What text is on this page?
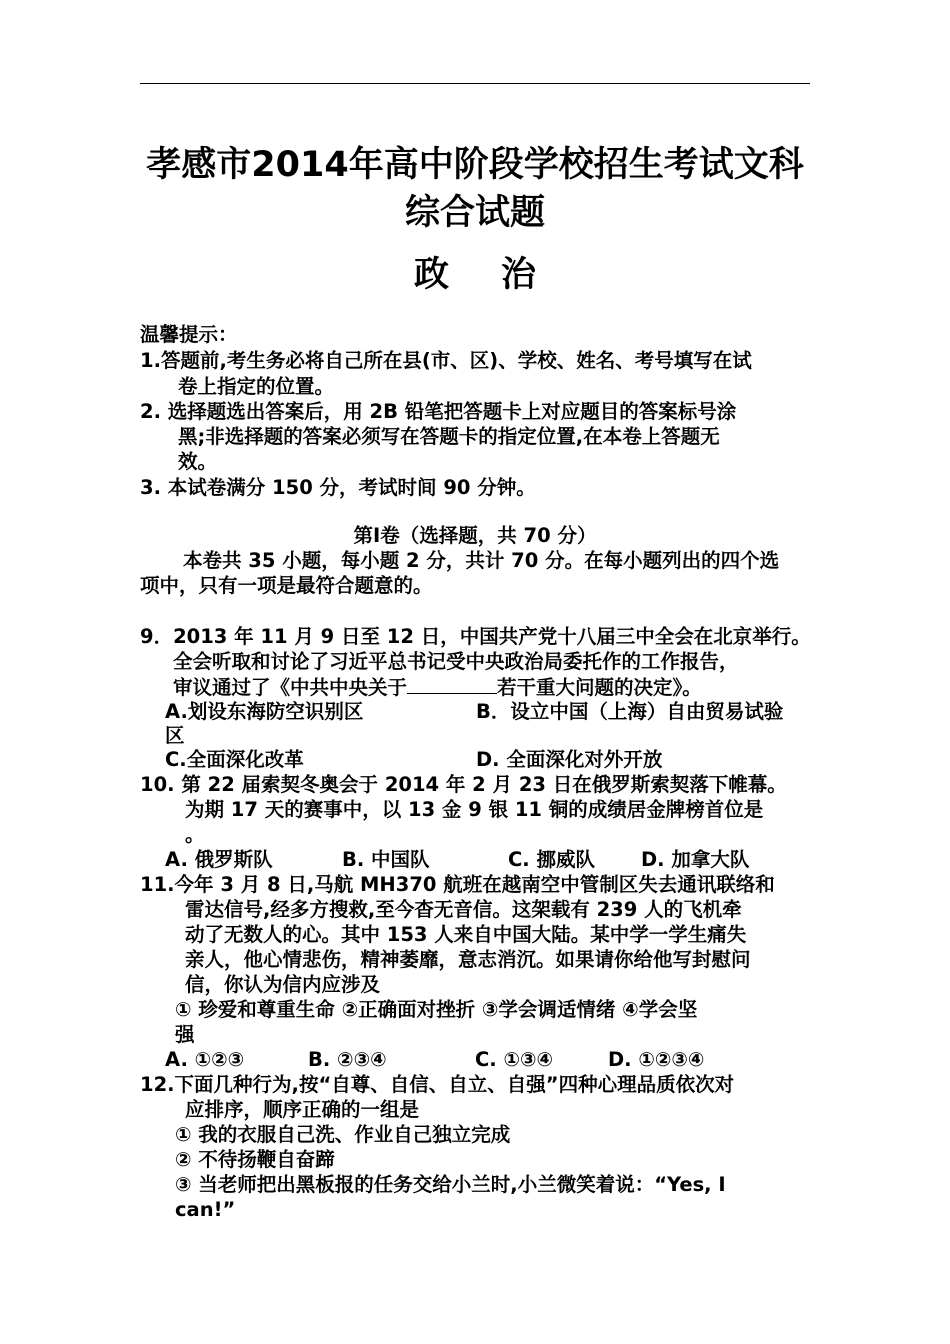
孝感市2014年高中阶段学校招生考试文科
综合试题
政 治
温馨提示：
1.答题前,考生务必将自己所在县(市、区)、学校、姓名、考号填写在试
卷上指定的位置。
2. 选择题选出答案后，用 2B 铅笔把答题卡上对应题目的答案标号涂
黑;非选择题的答案必须写在答题卡的指定位置,在本卷上答题无
效。
3. 本试卷满分 150 分，考试时间 90 分钟。
第Ⅰ卷（选择题，共 70 分）
本卷共 35 小题，每小题 2 分，共计 70 分。在每小题列出的四个选
项中，只有一项是最符合题意的。
9．2013 年 11 月 9 日至 12 日，中国共产党十八届三中全会在北京举行。
全会听取和讨论了习近平总书记受中央政治局委托作的工作报告，
审议通过了《中共中央关于	若干重大问题的决定》。
A.划设东海防空识别区	B．设立中国（上海）自由贸易试验
区
C.全面深化改革	D. 全面深化对外开放
10. 第 22 届索契冬奥会于 2014 年 2 月 23 日在俄罗斯索契落下帷幕。
为期 17 天的赛事中，以 13 金 9 银 11 铜的成绩居金牌榜首位是
。
A. 俄罗斯队	B. 中国队	C. 挪威队 D. 加拿大队
11.今年 3 月 8 日,马航 MH370 航班在越南空中管制区失去通讯联络和
雷达信号,经多方搜救,至今杳无音信。这架载有 239 人的飞机牵
动了无数人的心。其中 153 人来自中国大陆。某中学一学生痛失
亲人，他心情悲伤，精神萎靡，意志消沉。如果请你给他写封慰问
信，你认为信内应涉及
① 珍爱和尊重生命 ②正确面对挫折 ③学会调适情绪 ④学会坚
强
A. ①②③	B. ②③④	C. ①③④	D. ①②③④
12.下面几种行为,按“自尊、自信、自立、自强”四种心理品质依次对
应排序，顺序正确的一组是
① 我的衣服自己洗、作业自己独立完成
② 不待扬鞭自奋蹄
③ 当老师把出黑板报的任务交给小兰时,小兰微笑着说：“Yes, I
can!”
